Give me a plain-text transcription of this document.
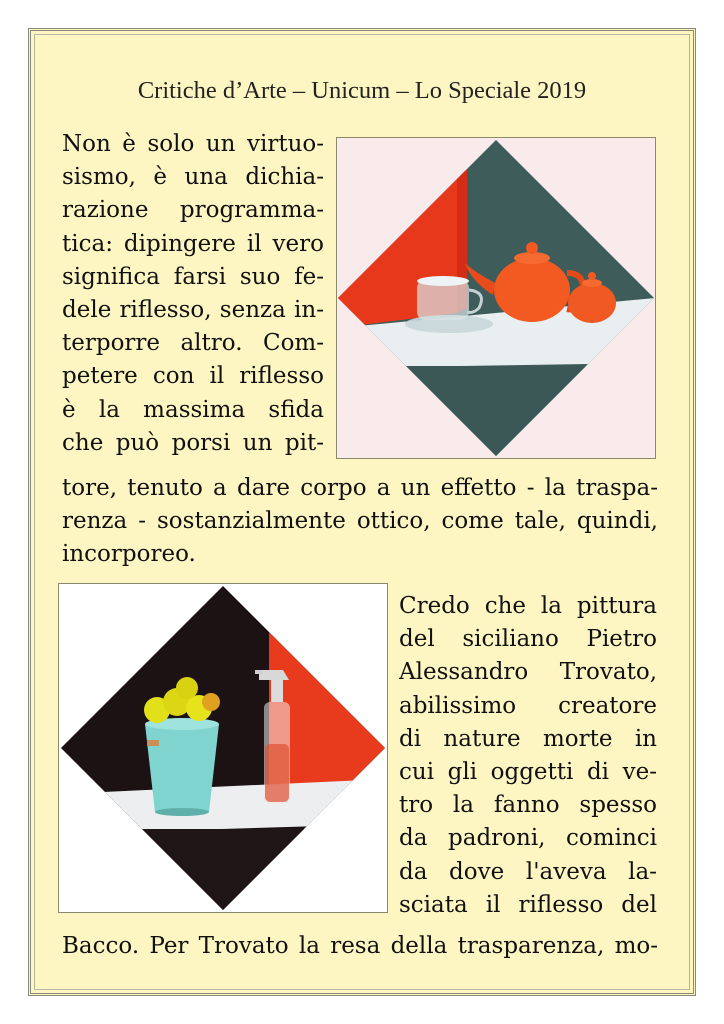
Critiche d’Arte – Unicum – Lo Speciale 2019
Non è solo un virtuo-
sismo, è una dichia-
razione programma-
tica: dipingere il vero
significa farsi suo fe-
dele riflesso, senza in-
terporre altro. Com-
petere con il riflesso
è la massima sfida
che può porsi un pit-
tore, tenuto a dare corpo a un effetto - la traspa-
renza - sostanzialmente ottico, come tale, quindi,
incorporeo.
Credo che la pittura
del siciliano Pietro
Alessandro Trovato,
abilissimo creatore
di nature morte in
cui gli oggetti di ve-
tro la fanno spesso
da padroni, cominci
da dove l'aveva la-
sciata il riflesso del
Bacco. Per Trovato la resa della trasparenza, mo-
